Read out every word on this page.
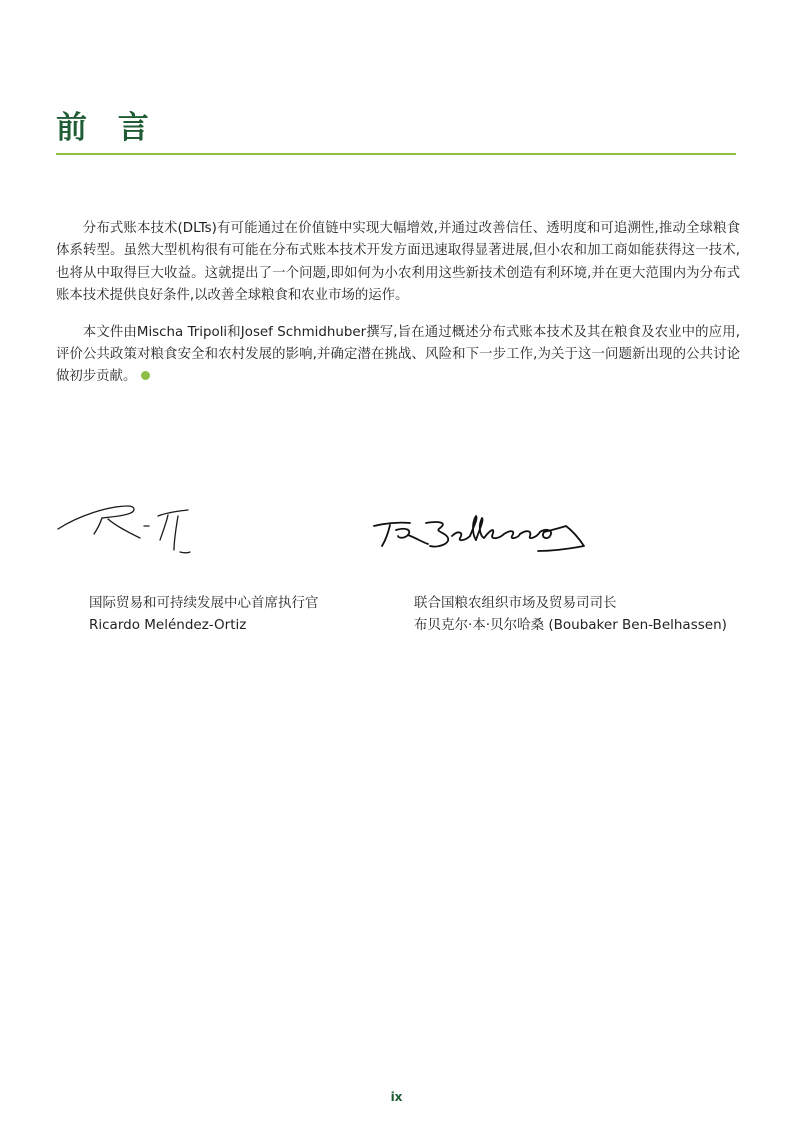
前 言

分布式账本技术(DLTs)有可能通过在价值链中实现大幅增效,并通过改善信任、透明度和可追溯性,推动全球粮食体系转型。虽然大型机构很有可能在分布式账本技术开发方面迅速取得显著进展,但小农和加工商如能获得这一技术,也将从中取得巨大收益。这就提出了一个问题,即如何为小农利用这些新技术创造有利环境,并在更大范围内为分布式账本技术提供良好条件,以改善全球粮食和农业市场的运作。

本文件由Mischa Tripoli和Josef Schmidhuber撰写,旨在通过概述分布式账本技术及其在粮食及农业中的应用,评价公共政策对粮食安全和农村发展的影响,并确定潜在挑战、风险和下一步工作,为关于这一问题新出现的公共讨论做初步贡献。

国际贸易和可持续发展中心首席执行官
Ricardo Meléndez-Ortiz
联合国粮农组织市场及贸易司司长
布贝克尔·本·贝尔哈桑 (Boubaker Ben-Belhassen)
ix
